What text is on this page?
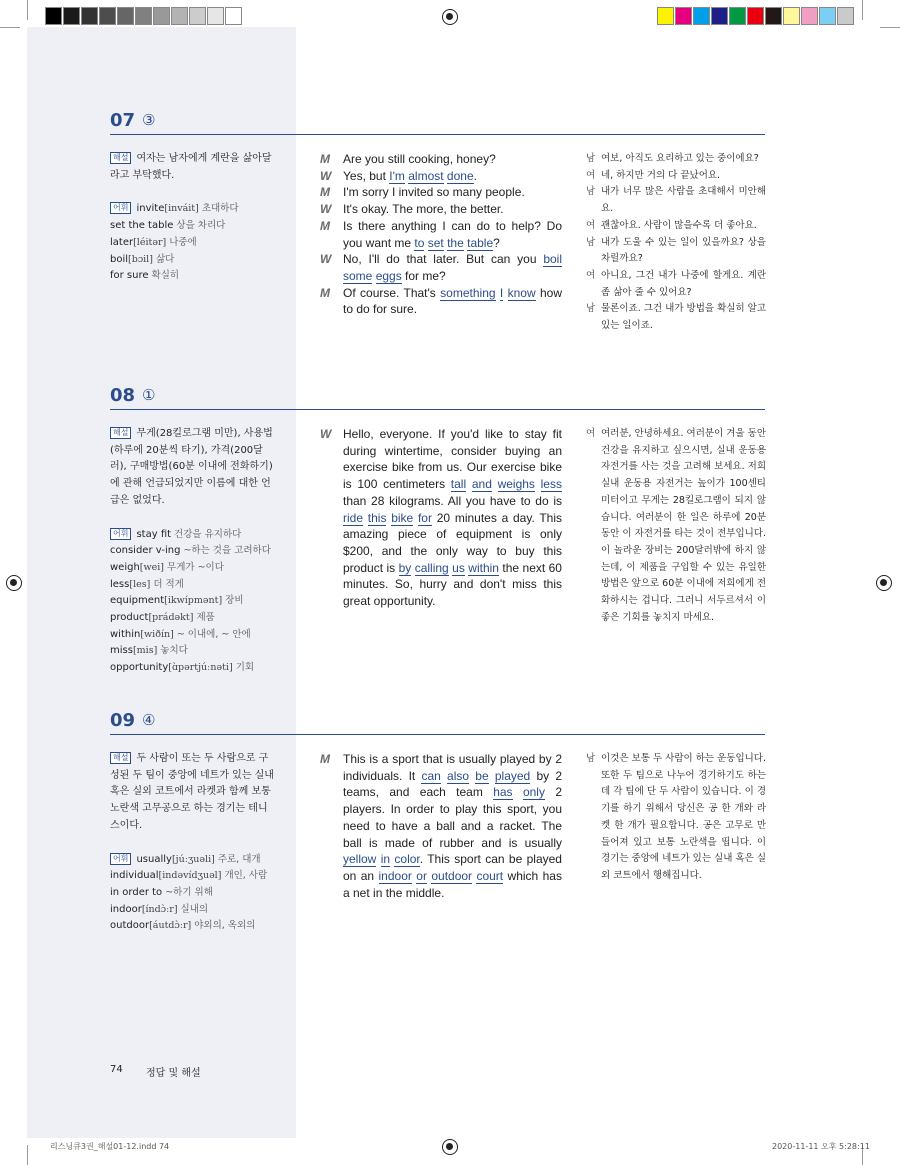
07 ③

해설 여자는 남자에게 계란을 삶아달라고 부탁했다.

어휘 invite[inváit] 초대하다

set the table 상을 차리다

later[léitər] 나중에

boil[bɔil] 삶다

for sure 확실히

M Are you still cooking, honey?
W Yes, but I'm almost done.
M I'm sorry I invited so many people.
W It's okay. The more, the better.
M Is there anything I can do to help? Do you want me to set the table?
W No, I'll do that later. But can you boil some eggs for me?
M Of course. That's something I know how to do for sure.
남 여보, 아직도 요리하고 있는 중이에요?
여 네, 하지만 거의 다 끝났어요.
남 내가 너무 많은 사람을 초대해서 미안해요.
여 괜찮아요. 사람이 많을수록 더 좋아요.
남 내가 도울 수 있는 일이 있을까요? 상을 차릴까요?
여 아니요, 그건 내가 나중에 할게요. 계란 좀 삶아 줄 수 있어요?
남 물론이죠. 그건 내가 방법을 확실히 알고 있는 일이죠.
08 ①

해설 무게(28킬로그램 미만), 사용법(하루에 20분씩 타기), 가격(200달러), 구매방법(60분 이내에 전화하기)에 관해 언급되었지만 이름에 대한 언급은 없었다.

어휘 stay fit 건강을 유지하다

consider v-ing ~하는 것을 고려하다

weigh[wei] 무게가 ~이다

less[les] 더 적게

equipment[ikwípmənt] 장비

product[prádəkt] 제품

within[wiðín] ~ 이내에, ~ 안에

miss[mis] 놓치다

opportunity[ɑ̀pərtjúːnəti] 기회

W Hello, everyone. If you'd like to stay fit during wintertime, consider buying an exercise bike from us. Our exercise bike is 100 centimeters tall and weighs less than 28 kilograms. All you have to do is ride this bike for 20 minutes a day. This amazing piece of equipment is only $200, and the only way to buy this product is by calling us within the next 60 minutes. So, hurry and don't miss this great opportunity.
여 여러분, 안녕하세요. 여러분이 겨울 동안 건강을 유지하고 싶으시면, 실내 운동용 자전거를 사는 것을 고려해 보세요. 저희 실내 운동용 자전거는 높이가 100센티미터이고 무게는 28킬로그램이 되지 않습니다. 여러분이 한 일은 하루에 20분 동안 이 자전거를 타는 것이 전부입니다. 이 놀라운 장비는 200달러밖에 하지 않는데, 이 제품을 구입할 수 있는 유일한 방법은 앞으로 60분 이내에 저희에게 전화하시는 겁니다. 그러니 서두르셔서 이 좋은 기회를 놓치지 마세요.
09 ④

해설 두 사람이 또는 두 사람으로 구성된 두 팀이 중앙에 네트가 있는 실내 혹은 실외 코트에서 라켓과 함께 보통 노란색 고무공으로 하는 경기는 테니스이다.

어휘 usually[júːʒuəli] 주로, 대개

individual[indəvídʒuəl] 개인, 사람

in order to ~하기 위해

indoor[índɔ̀ːr] 실내의

outdoor[áutdɔ̀ːr] 야외의, 옥외의

M This is a sport that is usually played by 2 individuals. It can also be played by 2 teams, and each team has only 2 players. In order to play this sport, you need to have a ball and a racket. The ball is made of rubber and is usually yellow in color. This sport can be played on an indoor or outdoor court which has a net in the middle.
남 이것은 보통 두 사람이 하는 운동입니다. 또한 두 팀으로 나누어 경기하기도 하는데 각 팀에 단 두 사람이 있습니다. 이 경기를 하기 위해서 당신은 공 한 개와 라켓 한 개가 필요합니다. 공은 고무로 만들어져 있고 보통 노란색을 띱니다. 이 경기는 중앙에 네트가 있는 실내 혹은 실외 코트에서 행해집니다.
74 정답 및 해설
리스닝큐3권_해설01-12.indd 74	2020-11-11 오후 5:28:11
